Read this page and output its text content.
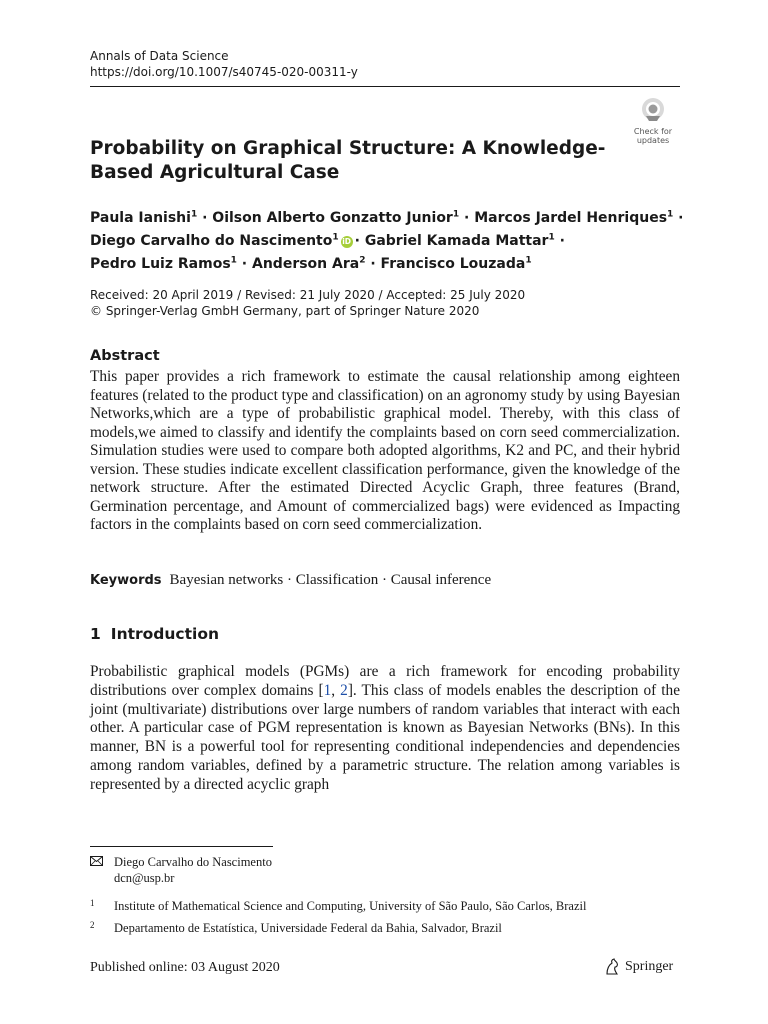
Annals of Data Science
https://doi.org/10.1007/s40745-020-00311-y
Check for
updates
Probability on Graphical Structure: A Knowledge-Based Agricultural Case
Paula Ianishi$^1$ · Oilson Alberto Gonzatto Junior$^1$ · Marcos Jardel Henriques$^1$ ·
Diego Carvalho do Nascimento$^1$ iD · Gabriel Kamada Mattar$^1$ ·
Pedro Luiz Ramos$^1$ · Anderson Ara$^2$ · Francisco Louzada$^1$
Received: 20 April 2019 / Revised: 21 July 2020 / Accepted: 25 July 2020
© Springer-Verlag GmbH Germany, part of Springer Nature 2020
Abstract
This paper provides a rich framework to estimate the causal relationship among eighteen features (related to the product type and classification) on an agronomy study by using Bayesian Networks,which are a type of probabilistic graphical model. Thereby, with this class of models,we aimed to classify and identify the complaints based on corn seed commercialization. Simulation studies were used to compare both adopted algorithms, K2 and PC, and their hybrid version. These studies indicate excellent classification performance, given the knowledge of the network structure. After the estimated Directed Acyclic Graph, three features (Brand, Germination percentage, and Amount of commercialized bags) were evidenced as Impacting factors in the complaints based on corn seed commercialization.
Keywords Bayesian networks · Classification · Causal inference
1 Introduction
Probabilistic graphical models (PGMs) are a rich framework for encoding probability distributions over complex domains [1, 2]. This class of models enables the description of the joint (multivariate) distributions over large numbers of random variables that interact with each other. A particular case of PGM representation is known as Bayesian Networks (BNs). In this manner, BN is a powerful tool for representing conditional independencies and dependencies among random variables, defined by a parametric structure. The relation among variables is represented by a directed acyclic graph
Diego Carvalho do Nascimento
dcn@usp.br
1 Institute of Mathematical Science and Computing, University of São Paulo, São Carlos, Brazil
2 Departamento de Estatística, Universidade Federal da Bahia, Salvador, Brazil
Published online: 03 August 2020	Springer
